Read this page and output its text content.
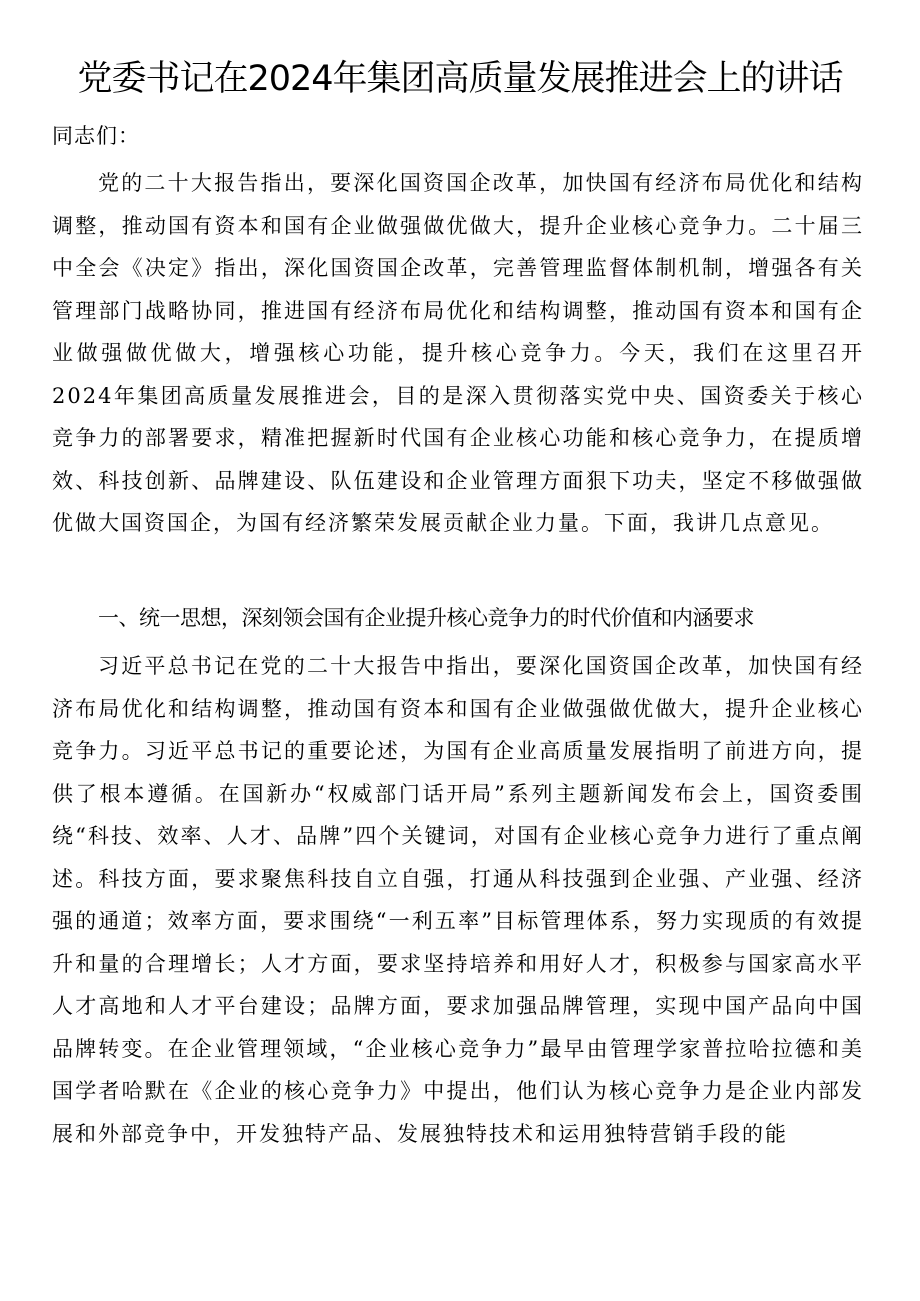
党委书记在2024年集团高质量发展推进会上的讲话
同志们：
党的二十大报告指出，要深化国资国企改革，加快国有经济布局优化和结构调整，推动国有资本和国有企业做强做优做大，提升企业核心竞争力。二十届三中全会《决定》指出，深化国资国企改革，完善管理监督体制机制，增强各有关管理部门战略协同，推进国有经济布局优化和结构调整，推动国有资本和国有企业做强做优做大，增强核心功能，提升核心竞争力。今天，我们在这里召开2024年集团高质量发展推进会，目的是深入贯彻落实党中央、国资委关于核心竞争力的部署要求，精准把握新时代国有企业核心功能和核心竞争力，在提质增效、科技创新、品牌建设、队伍建设和企业管理方面狠下功夫，坚定不移做强做优做大国资国企，为国有经济繁荣发展贡献企业力量。下面，我讲几点意见。
一、统一思想，深刻领会国有企业提升核心竞争力的时代价值和内涵要求
习近平总书记在党的二十大报告中指出，要深化国资国企改革，加快国有经济布局优化和结构调整，推动国有资本和国有企业做强做优做大，提升企业核心竞争力。习近平总书记的重要论述，为国有企业高质量发展指明了前进方向，提供了根本遵循。在国新办“权威部门话开局”系列主题新闻发布会上，国资委围绕“科技、效率、人才、品牌”四个关键词，对国有企业核心竞争力进行了重点阐述。科技方面，要求聚焦科技自立自强，打通从科技强到企业强、产业强、经济强的通道；效率方面，要求围绕“一利五率”目标管理体系，努力实现质的有效提升和量的合理增长；人才方面，要求坚持培养和用好人才，积极参与国家高水平人才高地和人才平台建设；品牌方面，要求加强品牌管理，实现中国产品向中国品牌转变。在企业管理领域，“企业核心竞争力”最早由管理学家普拉哈拉德和美国学者哈默在《企业的核心竞争力》中提出，他们认为核心竞争力是企业内部发展和外部竞争中，开发独特产品、发展独特技术和运用独特营销手段的能
